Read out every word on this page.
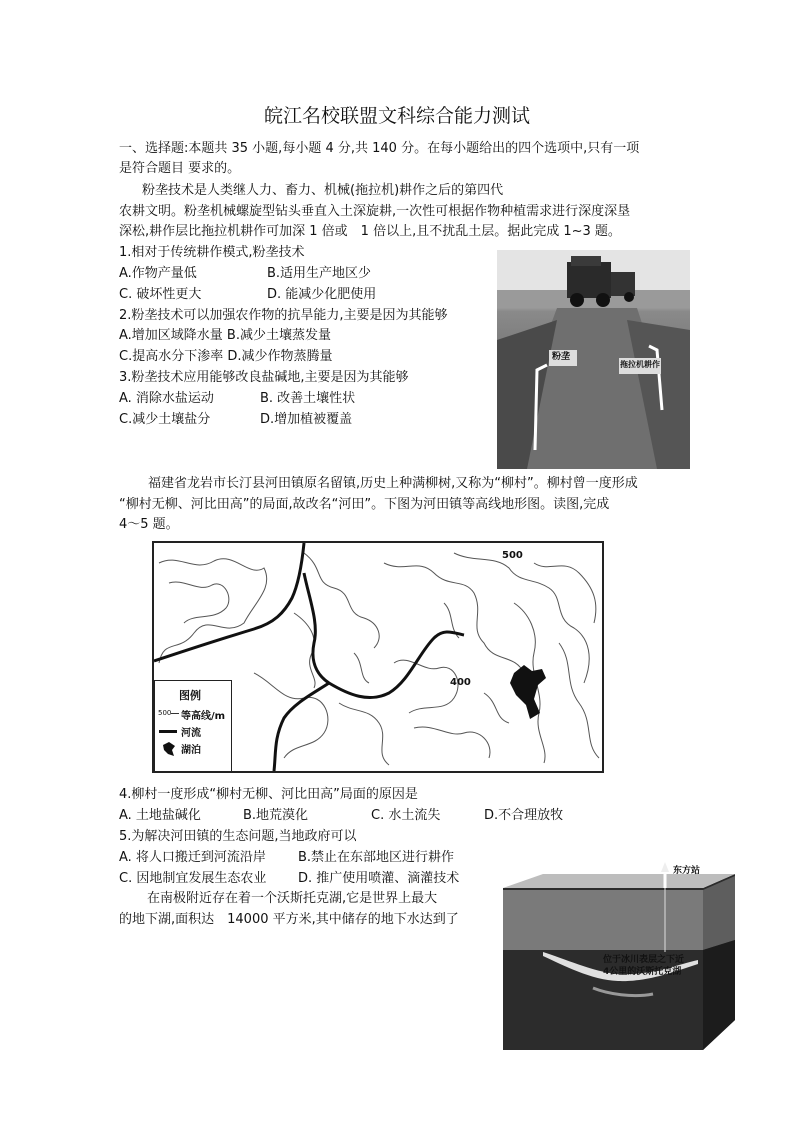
皖江名校联盟文科综合能力测试
一、选择题:本题共 35 小题,每小题 4 分,共 140 分。在每小题给出的四个选项中,只有一项
是符合题目 要求的。
粉垄技术是人类继人力、畜力、机械(拖拉机)耕作之后的第四代
农耕文明。粉垄机械螺旋型钻头垂直入土深旋耕,一次性可根据作物种植需求进行深度深垦
深松,耕作层比拖拉机耕作可加深 1 倍或　1 倍以上,且不扰乱土层。据此完成 1~3 题。
1.相对于传统耕作模式,粉垄技术
A.作物产量低	B.适用生产地区少
C. 破坏性更大	D. 能减少化肥使用
2.粉垄技术可以加强农作物的抗旱能力,主要是因为其能够
A.增加区域降水量 B.减少土壤蒸发量
C.提高水分下渗率 D.减少作物蒸腾量
3.粉垄技术应用能够改良盐碱地,主要是因为其能够
A. 消除水盐运动	B. 改善土壤性状
C.减少土壤盐分	D.增加植被覆盖
粉垄
拖拉机耕作
福建省龙岩市长汀县河田镇原名留镇,历史上种满柳树,又称为“柳村”。柳村曾一度形成
“柳村无柳、河比田高”的局面,故改名“河田”。下图为河田镇等高线地形图。读图,完成
4～5 题。
500
400
图例
500 等高线/m
河流
湖泊
4.柳村一度形成“柳村无柳、河比田高”局面的原因是
A. 土地盐碱化	B.地荒漠化	C. 水土流失	D.不合理放牧
5.为解决河田镇的生态问题,当地政府可以
A. 将人口搬迁到河流沿岸 B.禁止在东部地区进行耕作
C. 因地制宜发展生态农业 D. 推广使用喷灌、滴灌技术
在南极附近存在着一个沃斯托克湖,它是世界上最大
的地下湖,面积达　14000 平方米,其中储存的地下水达到了
东方站
位于冰川表层之下近
4公里的沃斯托克湖
